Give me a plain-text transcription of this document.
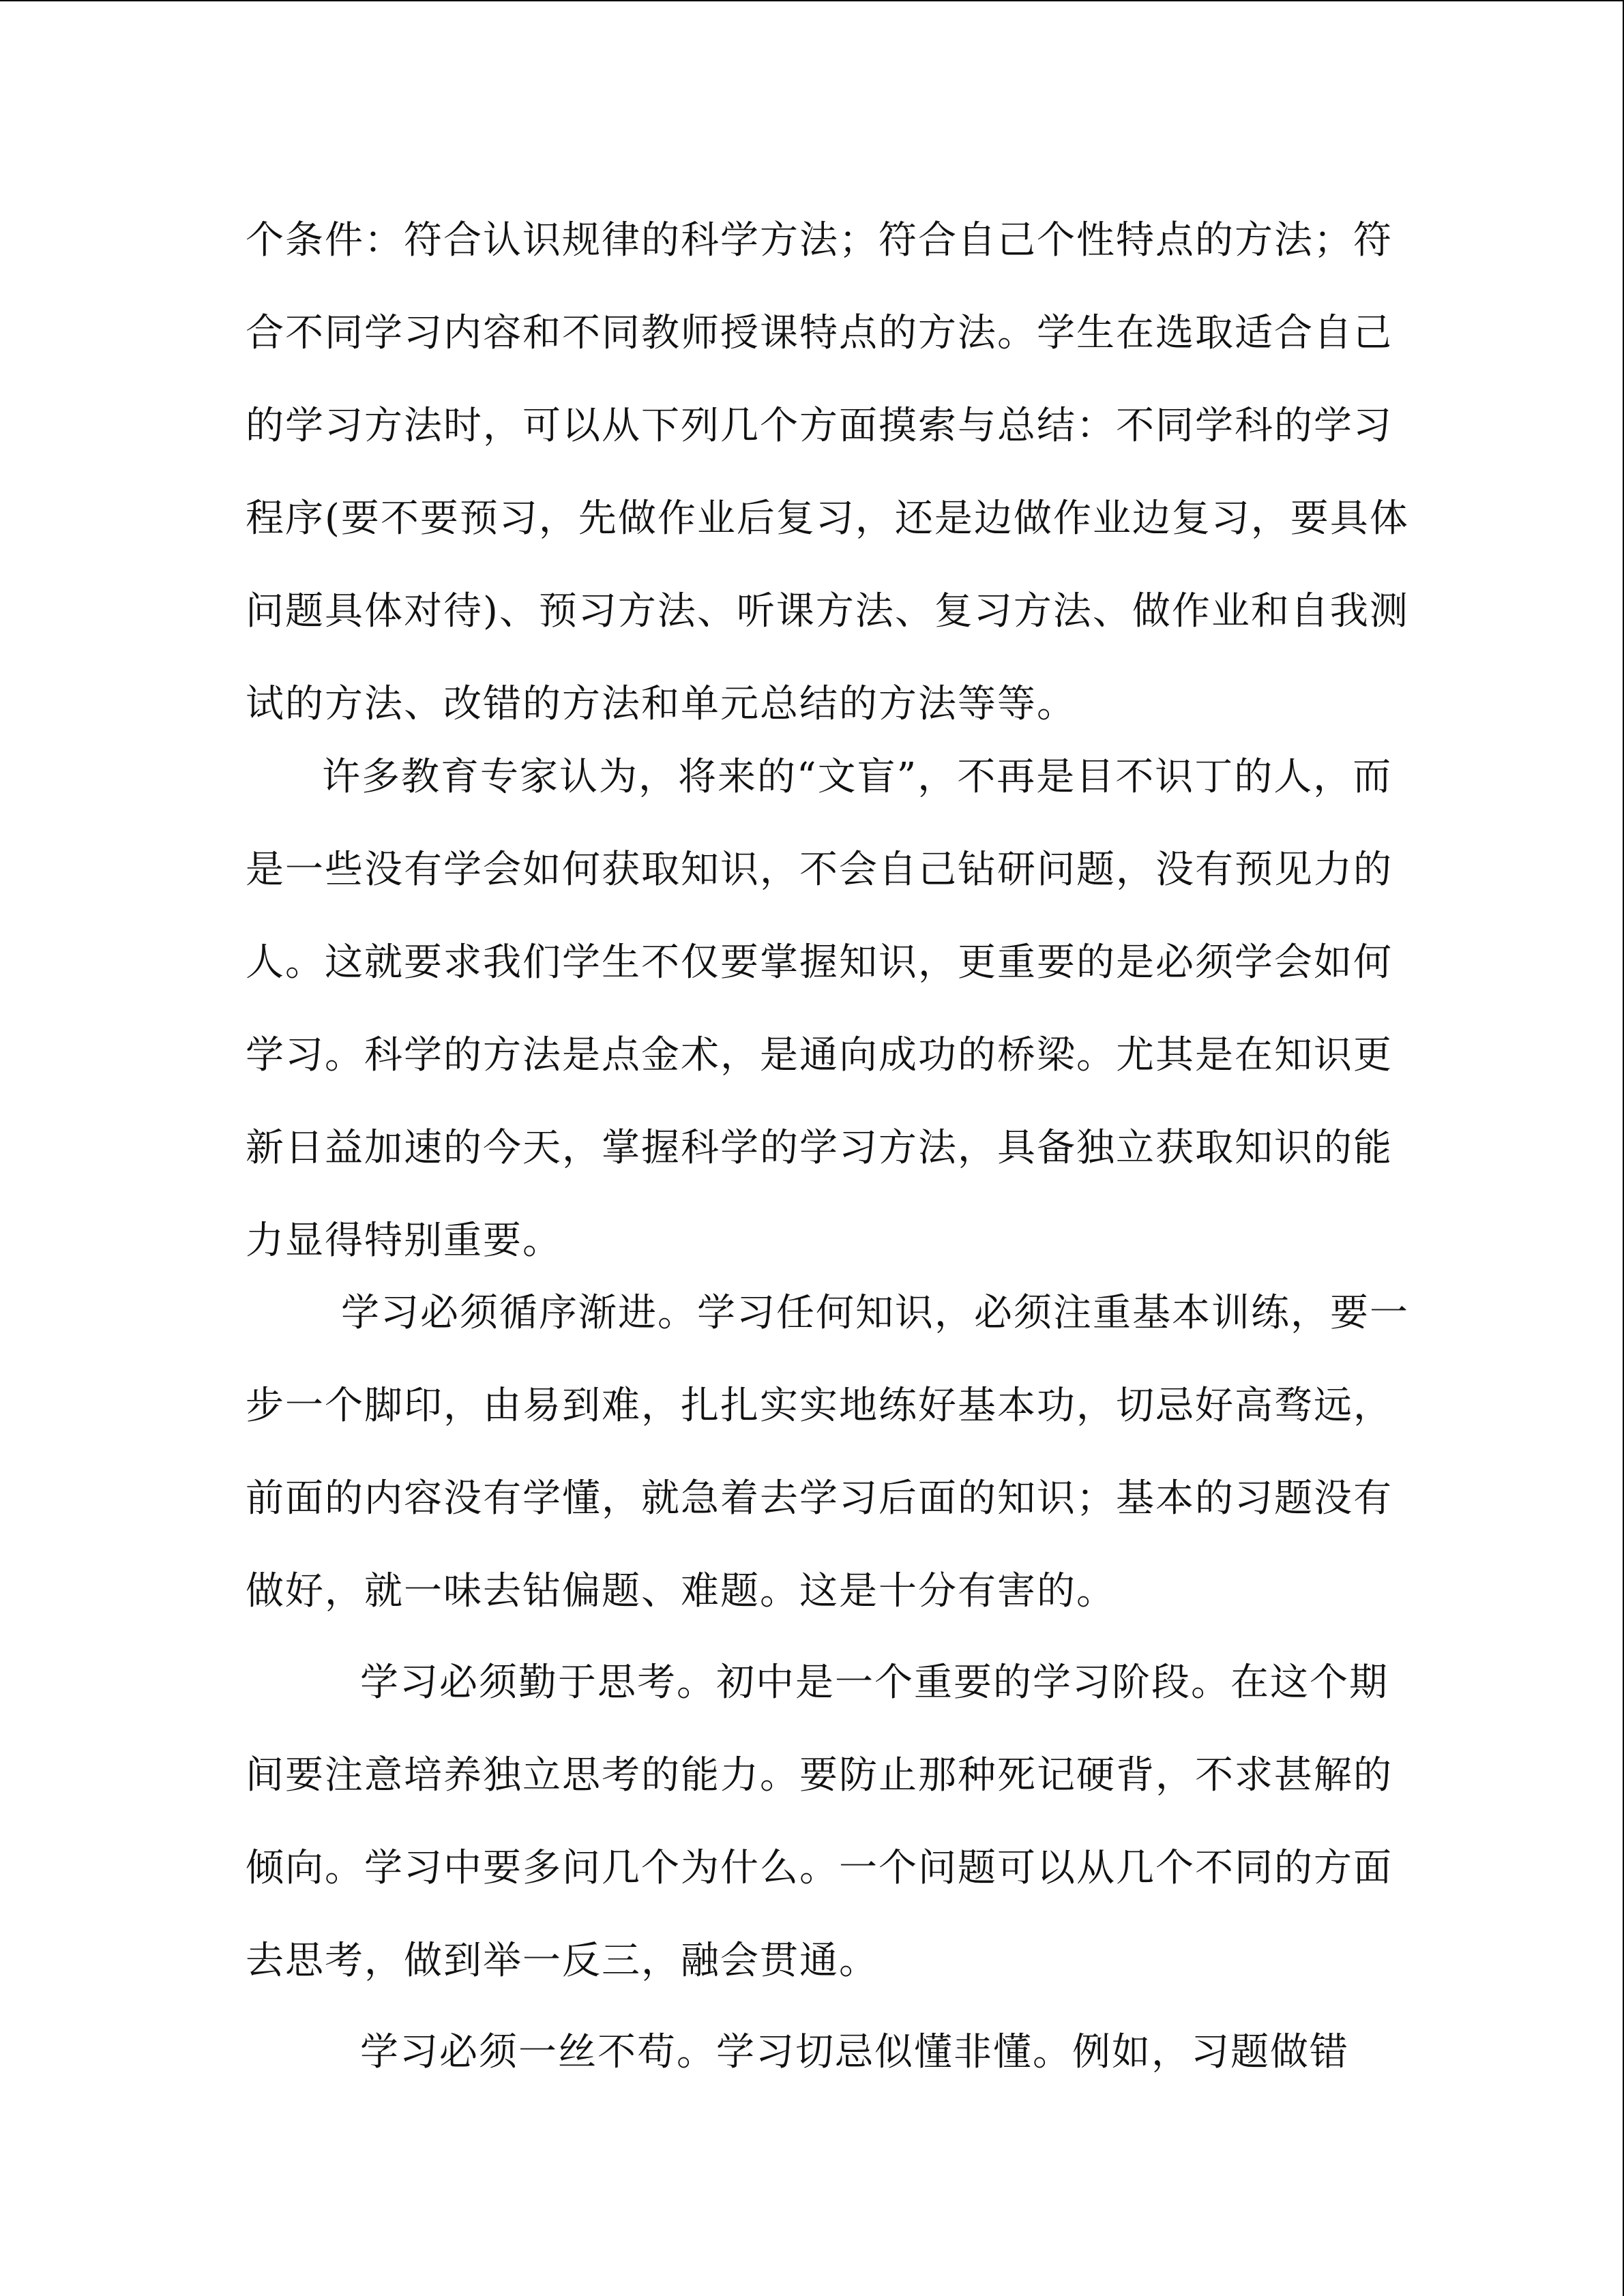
个条件：符合认识规律的科学方法；符合自己个性特点的方法；符
合不同学习内容和不同教师授课特点的方法。学生在选取适合自己
的学习方法时，可以从下列几个方面摸索与总结：不同学科的学习
程序(要不要预习，先做作业后复习，还是边做作业边复习，要具体
问题具体对待)、预习方法、听课方法、复习方法、做作业和自我测
试的方法、改错的方法和单元总结的方法等等。
许多教育专家认为，将来的“文盲”，不再是目不识丁的人，而
是一些没有学会如何获取知识，不会自己钻研问题，没有预见力的
人。这就要求我们学生不仅要掌握知识，更重要的是必须学会如何
学习。科学的方法是点金术，是通向成功的桥梁。尤其是在知识更
新日益加速的今天，掌握科学的学习方法，具备独立获取知识的能
力显得特别重要。
学习必须循序渐进。学习任何知识，必须注重基本训练，要一
步一个脚印，由易到难，扎扎实实地练好基本功，切忌好高骛远，
前面的内容没有学懂，就急着去学习后面的知识；基本的习题没有
做好，就一味去钻偏题、难题。这是十分有害的。
学习必须勤于思考。初中是一个重要的学习阶段。在这个期
间要注意培养独立思考的能力。要防止那种死记硬背，不求甚解的
倾向。学习中要多问几个为什么。一个问题可以从几个不同的方面
去思考，做到举一反三，融会贯通。
学习必须一丝不苟。学习切忌似懂非懂。例如，习题做错
